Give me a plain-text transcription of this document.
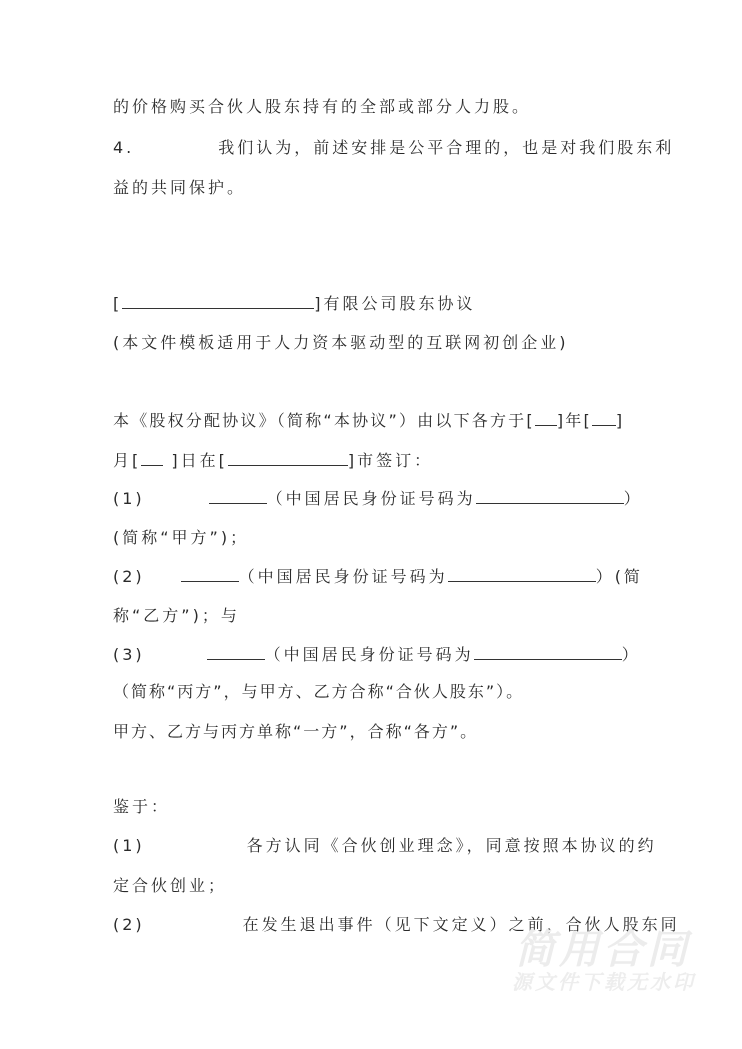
的价格购买合伙人股东持有的全部或部分人力股。
4.	我们认为，前述安排是公平合理的，也是对我们股东利
益的共同保护。
[	]有限公司股东协议
(本文件模板适用于人力资本驱动型的互联网初创企业)
本《股权分配协议》（简称“本协议”）由以下各方于[ ]年[ ]
月[ ]日在[	]市签订：
(1)	（中国居民身份证号码为	）
(简称“甲方”)；
(2)	（中国居民身份证号码为	）(简
称“乙方”)；与
(3)	（中国居民身份证号码为	）
（简称“丙方”，与甲方、乙方合称“合伙人股东”）。
甲方、乙方与丙方单称“一方”，合称“各方”。
鉴于：
(1)	各方认同《合伙创业理念》，同意按照本协议的约
定合伙创业；
(2)	在发生退出事件（见下文定义）之前，合伙人股东同
简用合同
源文件下载无水印
